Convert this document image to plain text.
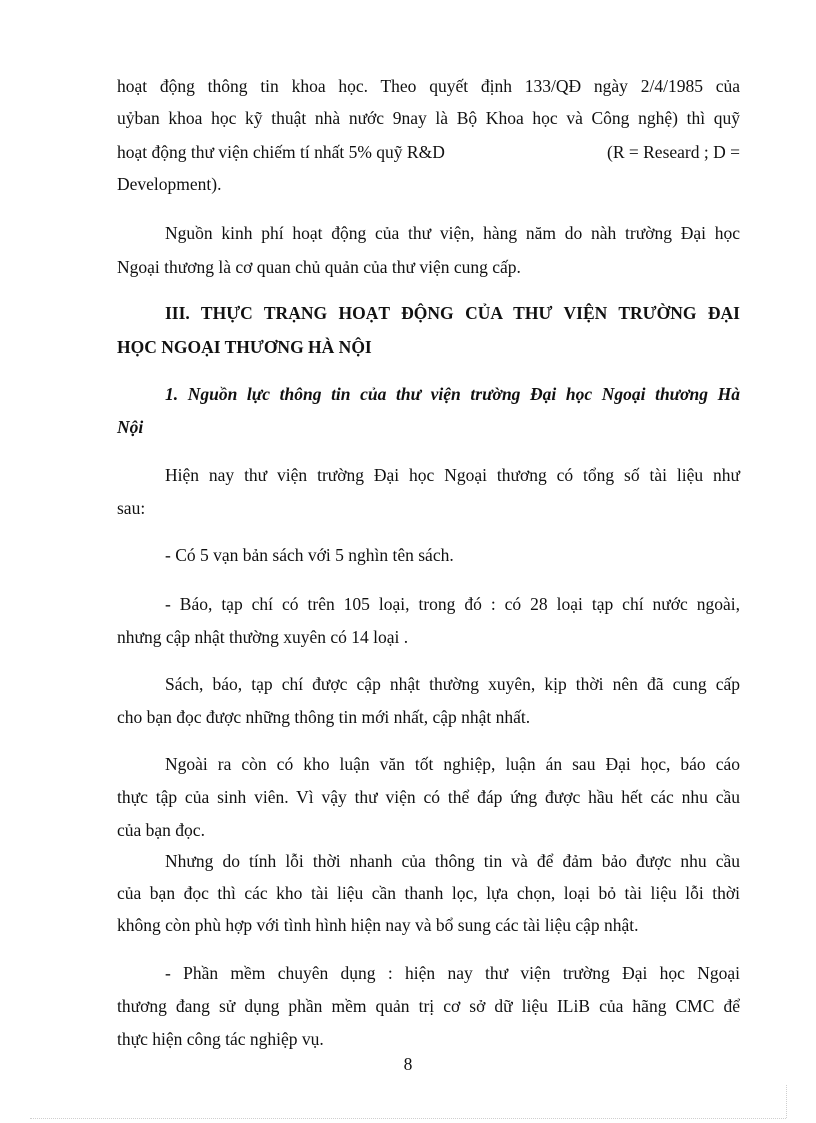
hoạt động thông tin khoa học. Theo quyết định 133/QĐ ngày 2/4/1985 của
uỷban khoa học kỹ thuật nhà nước 9nay là Bộ Khoa học và Công nghệ) thì quỹ
hoạt động thư viện chiếm tí nhất 5% quỹ R&D	(R = Researd ; D =
Development).
Nguồn kinh phí hoạt động của thư viện, hàng năm do nàh trường Đại học
Ngoại thương là cơ quan chủ quản của thư viện cung cấp.
III. THỰC TRẠNG HOẠT ĐỘNG CỦA THƯ VIỆN TRƯỜNG ĐẠI
HỌC NGOẠI THƯƠNG HÀ NỘI
1. Nguồn lực thông tin của thư viện trường Đại học Ngoại thương Hà
Nội
Hiện nay thư viện trường Đại học Ngoại thương có tổng số tài liệu như
sau:
- Có 5 vạn bản sách với 5 nghìn tên sách.
- Báo, tạp chí có trên 105 loại, trong đó : có 28 loại tạp chí nước ngoài,
nhưng cập nhật thường xuyên có 14 loại .
Sách, báo, tạp chí được cập nhật thường xuyên, kịp thời nên đã cung cấp
cho bạn đọc được những thông tin mới nhất, cập nhật nhất.
Ngoài ra còn có kho luận văn tốt nghiệp, luận án sau Đại học, báo cáo
thực tập của sinh viên. Vì vậy thư viện có thể đáp ứng được hầu hết các nhu cầu
của bạn đọc.
Nhưng do tính lỗi thời nhanh của thông tin và để đảm bảo được nhu cầu
của bạn đọc thì các kho tài liệu cần thanh lọc, lựa chọn, loại bỏ tài liệu lỗi thời
không còn phù hợp với tình hình hiện nay và bổ sung các tài liệu cập nhật.
- Phần mềm chuyên dụng : hiện nay thư viện trường Đại học Ngoại
thương đang sử dụng phần mềm quản trị cơ sở dữ liệu ILiB của hãng CMC để
thực hiện công tác nghiệp vụ.
8
